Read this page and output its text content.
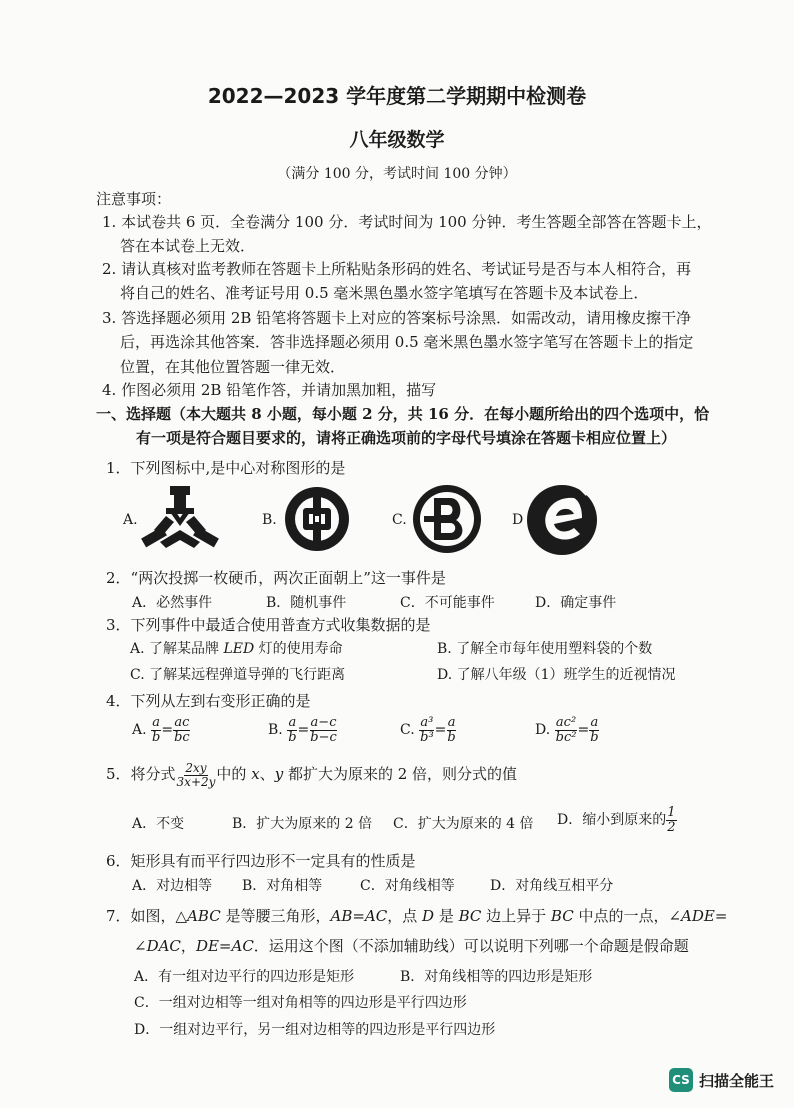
2022—2023 学年度第二学期期中检测卷
八年级数学
（满分 100 分，考试时间 100 分钟）
注意事项：
1. 本试卷共 6 页．全卷满分 100 分．考试时间为 100 分钟．考生答题全部答在答题卡上，
答在本试卷上无效．
2. 请认真核对监考教师在答题卡上所粘贴条形码的姓名、考试证号是否与本人相符合，再
将自己的姓名、准考证号用 0.5 毫米黑色墨水签字笔填写在答题卡及本试卷上．
3. 答选择题必须用 2B 铅笔将答题卡上对应的答案标号涂黑．如需改动，请用橡皮擦干净
后，再选涂其他答案．答非选择题必须用 0.5 毫米黑色墨水签字笔写在答题卡上的指定
位置，在其他位置答题一律无效．
4. 作图必须用 2B 铅笔作答，并请加黑加粗，描写
一、选择题（本大题共 8 小题，每小题 2 分，共 16 分．在每小题所给出的四个选项中，恰
有一项是符合题目要求的，请将正确选项前的字母代号填涂在答题卡相应位置上）
1．下列图标中,是中心对称图形的是
A.	B.	C.	D
2．“两次投掷一枚硬币，两次正面朝上”这一事件是
A．必然事件	B．随机事件	C．不可能事件	D．确定事件
3．下列事件中最适合使用普查方式收集数据的是
A. 了解某品牌 LED 灯的使用寿命	B. 了解全市每年使用塑料袋的个数
C. 了解某远程弹道导弹的飞行距离	D. 了解八年级（1）班学生的近视情况
4．下列从左到右变形正确的是
A. $\frac{a}{b} = \frac{ac}{bc}$	B. $\frac{a}{b} = \frac{a-c}{b-c}$	C. $\frac{\text{a³}}{\text{b³}} = \frac{a}{b}$	D. $\frac{\text{ac²}}{\text{bc²}} = \frac{a}{b}$
5．将分式 $\frac{2xy}{3x+2y}$ 中的 x、y 都扩大为原来的 2 倍，则分式的值
A．不变	B．扩大为原来的 2 倍 C．扩大为原来的 4 倍 D．缩小到原来的 $\frac{1}{2}$
6．矩形具有而平行四边形不一定具有的性质是
A．对边相等 B．对角相等	C．对角线相等	D．对角线互相平分
7．如图，△ABC 是等腰三角形，AB=AC，点 D 是 BC 边上异于 BC 中点的一点，∠ADE=
∠DAC，DE=AC．运用这个图（不添加辅助线）可以说明下列哪一个命题是假命题
A．有一组对边平行的四边形是矩形	B．对角线相等的四边形是矩形
C．一组对边相等一组对角相等的四边形是平行四边形
D．一组对边平行，另一组对边相等的四边形是平行四边形
CS 扫描全能王
